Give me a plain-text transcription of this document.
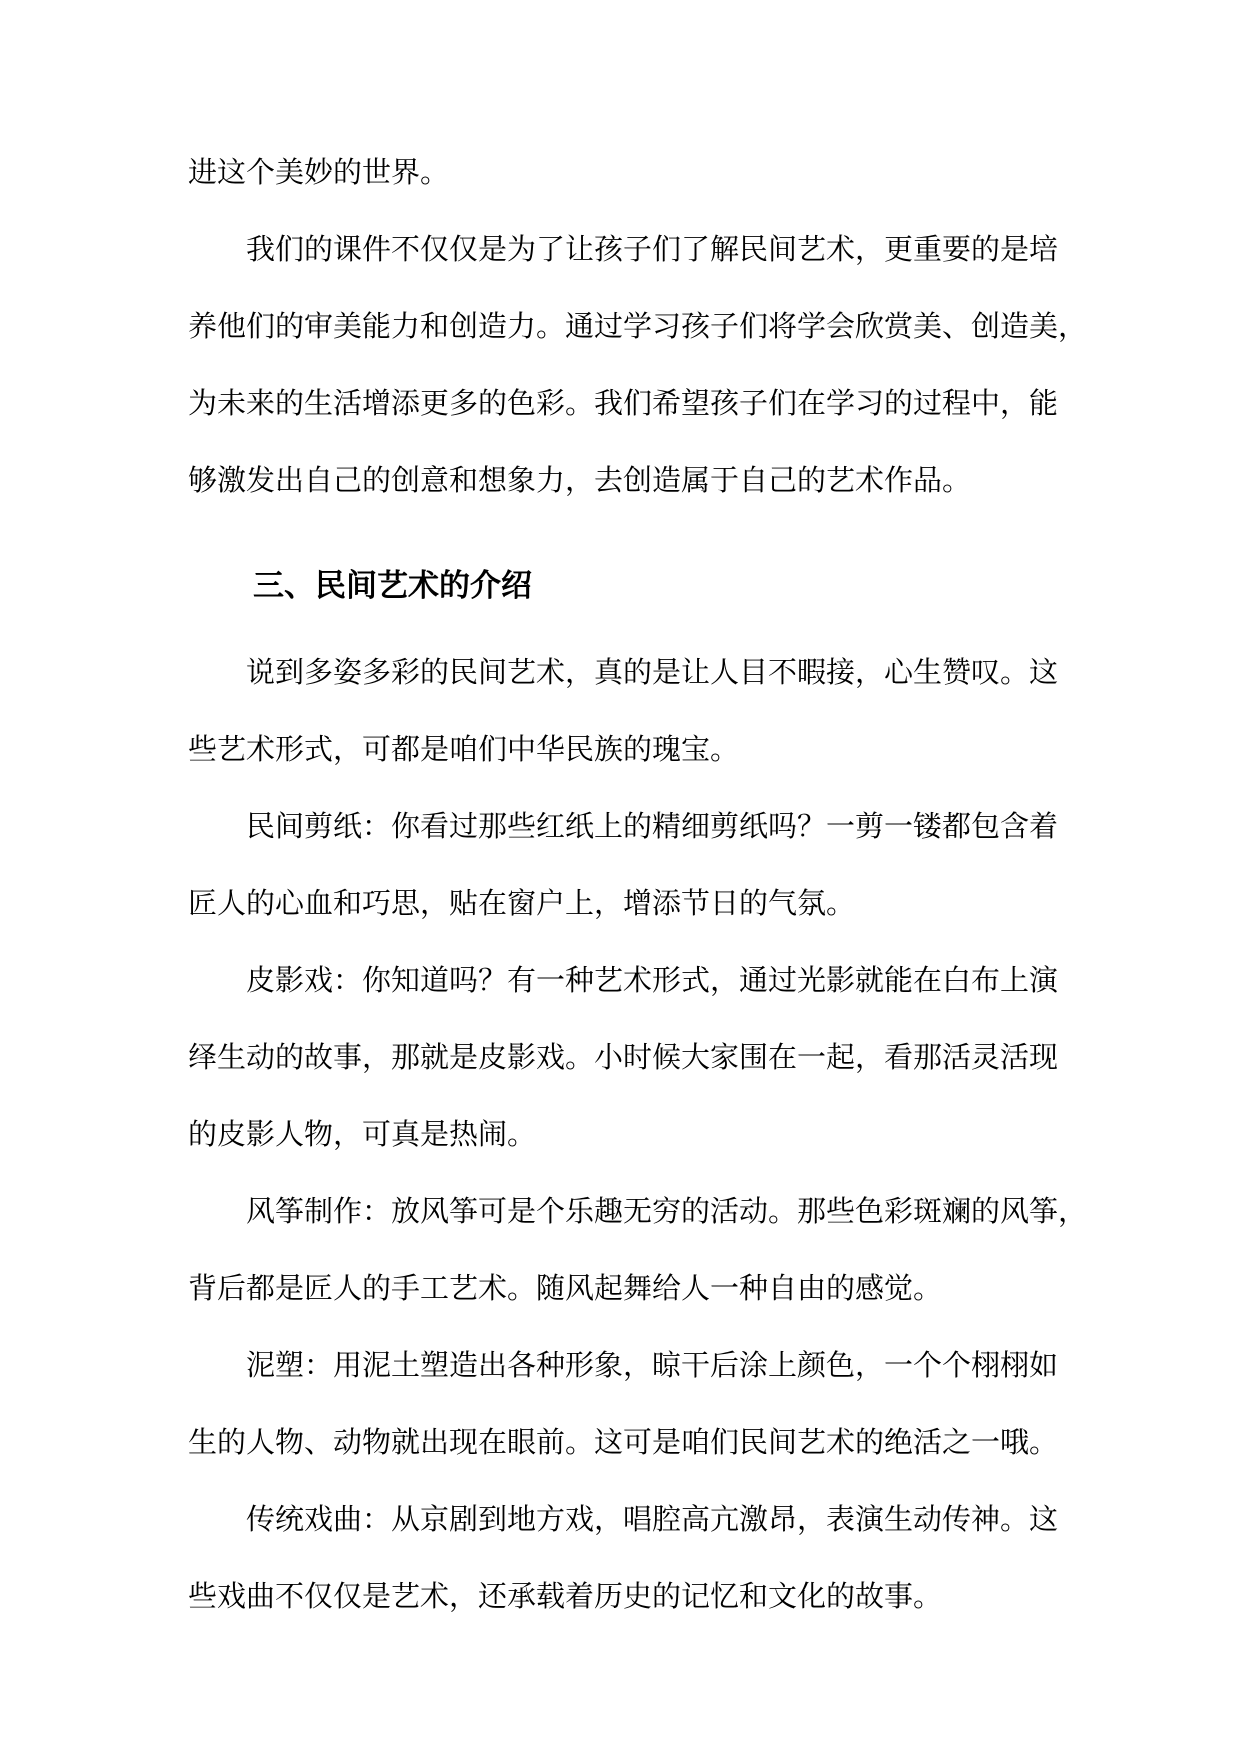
进这个美妙的世界。
我们的课件不仅仅是为了让孩子们了解民间艺术，更重要的是培
养他们的审美能力和创造力。通过学习孩子们将学会欣赏美、创造美，
为未来的生活增添更多的色彩。我们希望孩子们在学习的过程中，能
够激发出自己的创意和想象力，去创造属于自己的艺术作品。
三、民间艺术的介绍
说到多姿多彩的民间艺术，真的是让人目不暇接，心生赞叹。这
些艺术形式，可都是咱们中华民族的瑰宝。
民间剪纸：你看过那些红纸上的精细剪纸吗？一剪一镂都包含着
匠人的心血和巧思，贴在窗户上，增添节日的气氛。
皮影戏：你知道吗？有一种艺术形式，通过光影就能在白布上演
绎生动的故事，那就是皮影戏。小时候大家围在一起，看那活灵活现
的皮影人物，可真是热闹。
风筝制作：放风筝可是个乐趣无穷的活动。那些色彩斑斓的风筝，
背后都是匠人的手工艺术。随风起舞给人一种自由的感觉。
泥塑：用泥土塑造出各种形象，晾干后涂上颜色，一个个栩栩如
生的人物、动物就出现在眼前。这可是咱们民间艺术的绝活之一哦。
传统戏曲：从京剧到地方戏，唱腔高亢激昂，表演生动传神。这
些戏曲不仅仅是艺术，还承载着历史的记忆和文化的故事。
